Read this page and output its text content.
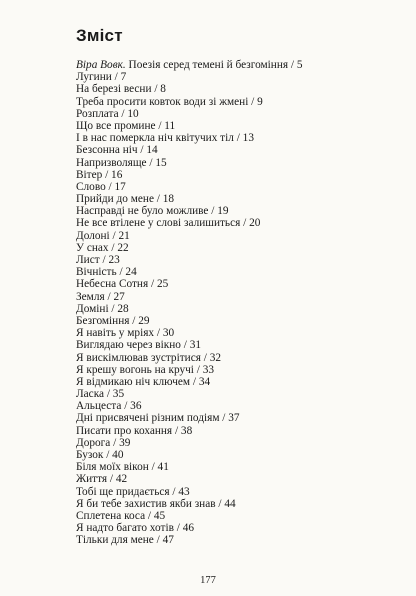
Зміст
Віра Вовк. Поезія серед темені й безгоміння / 5
Лугини / 7
На березі весни / 8
Треба просити ковток води зі жмені / 9
Розплата / 10
Що все промине / 11
І в нас померкла ніч квітучих тіл / 13
Безсонна ніч / 14
Напризволяще / 15
Вітер / 16
Слово / 17
Прийди до мене / 18
Насправді не було можливе / 19
Не все втілене у слові залишиться / 20
Долоні / 21
У снах / 22
Лист / 23
Вічність / 24
Небесна Сотня / 25
Земля / 27
Доміні / 28
Безгоміння / 29
Я навіть у мріях / 30
Виглядаю через вікно / 31
Я вискімлював зустрітися / 32
Я крешу вогонь на кручі / 33
Я відмикаю ніч ключем / 34
Ласка / 35
Альцеста / 36
Дні присвячені різним подіям / 37
Писати про кохання / 38
Дорога / 39
Бузок / 40
Біля моїх вікон / 41
Життя / 42
Тобі ще придається / 43
Я би тебе захистив якби знав / 44
Сплетена коса / 45
Я надто багато хотів / 46
Тільки для мене / 47
177
